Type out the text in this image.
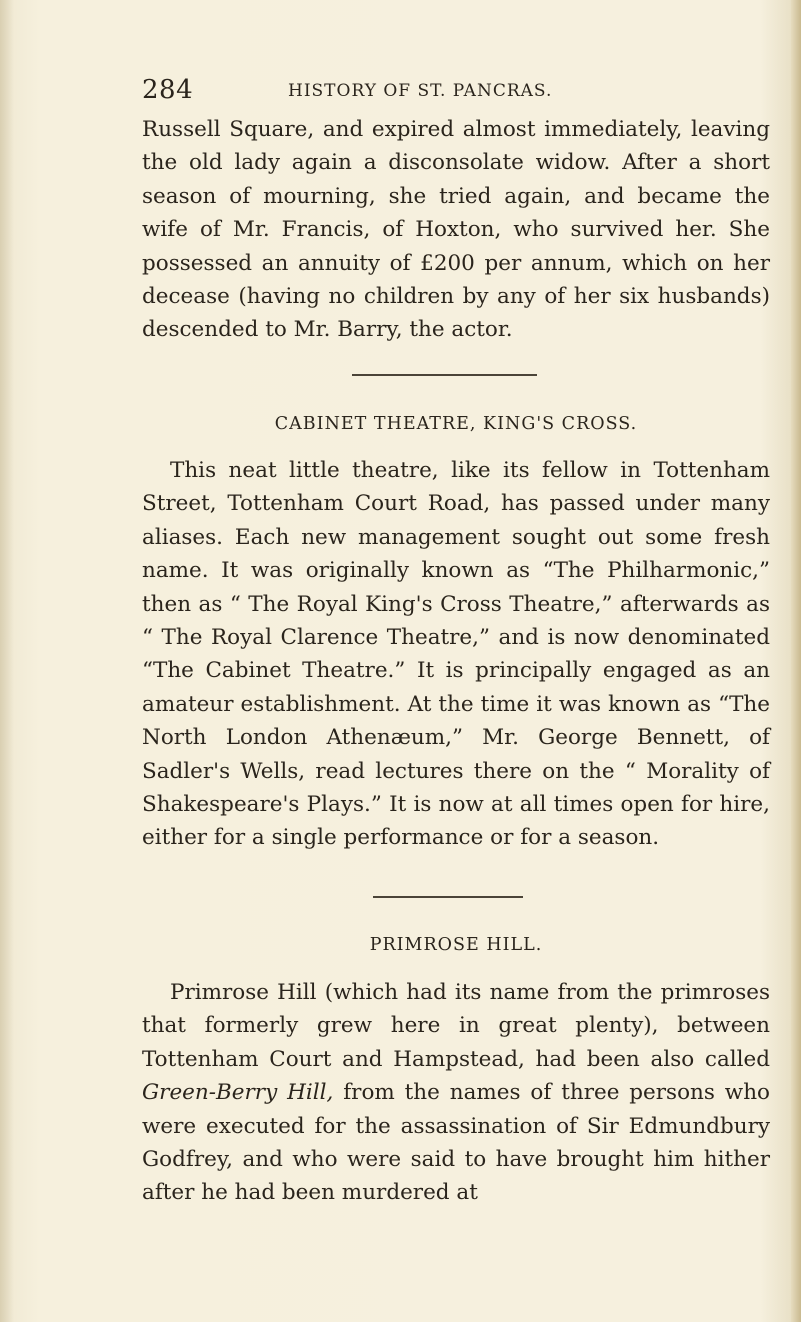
284	HISTORY OF ST. PANCRAS.

Russell Square, and expired almost immediately, leaving the old lady again a disconsolate widow. After a short season of mourning, she tried again, and became the wife of Mr. Francis, of Hoxton, who survived her. She possessed an annuity of £200 per annum, which on her decease (having no children by any of her six husbands) descended to Mr. Barry, the actor.

CABINET THEATRE, KING'S CROSS.

This neat little theatre, like its fellow in Tottenham Street, Tottenham Court Road, has passed under many aliases. Each new management sought out some fresh name. It was originally known as “The Philharmonic,” then as “ The Royal King's Cross Theatre,” afterwards as “ The Royal Clarence Theatre,” and is now denominated “The Cabinet Theatre.” It is principally engaged as an amateur establishment. At the time it was known as “The North London Athenæum,” Mr. George Bennett, of Sadler's Wells, read lectures there on the “ Morality of Shakespeare's Plays.” It is now at all times open for hire, either for a single performance or for a season.

PRIMROSE HILL.

Primrose Hill (which had its name from the primroses that formerly grew here in great plenty), between Tottenham Court and Hampstead, had been also called Green-Berry Hill, from the names of three persons who were executed for the assassination of Sir Edmundbury Godfrey, and who were said to have brought him hither after he had been murdered at
